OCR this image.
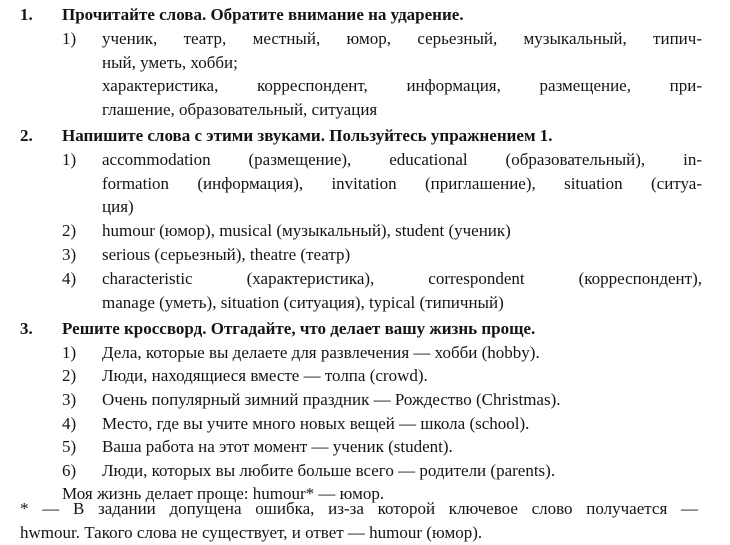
1. Прочитайте слова. Обратите внимание на ударение.
1) ученик, театр, местный, юмор, серьезный, музыкальный, типич-
ный, уметь, хобби;
характеристика, корреспондент, информация, размещение, при-
глашение, образовательный, ситуация
2. Напишите слова с этими звуками. Пользуйтесь упражнением 1.
1) accommodation (размещение), educational (образовательный), in-
formation (информация), invitation (приглашение), situation (ситуа-
ция)
2) humour (юмор), musical (музыкальный), student (ученик)
3) serious (серьезный), theatre (театр)
4) characteristic (характеристика), correspondent (корреспондент),
manage (уметь), situation (ситуация), typical (типичный)
3. Решите кроссворд. Отгадайте, что делает вашу жизнь проще.
1) Дела, которые вы делаете для развлечения — хобби (hobby).
2) Люди, находящиеся вместе — толпа (crowd).
3) Очень популярный зимний праздник — Рождество (Christmas).
4) Место, где вы учите много новых вещей — школа (school).
5) Ваша работа на этот момент — ученик (student).
6) Люди, которых вы любите больше всего — родители (parents).
Моя жизнь делает проще: humour* — юмор.
* — В задании допущена ошибка, из-за которой ключевое слово получается —
hwmour. Такого слова не существует, и ответ — humour (юмор).
